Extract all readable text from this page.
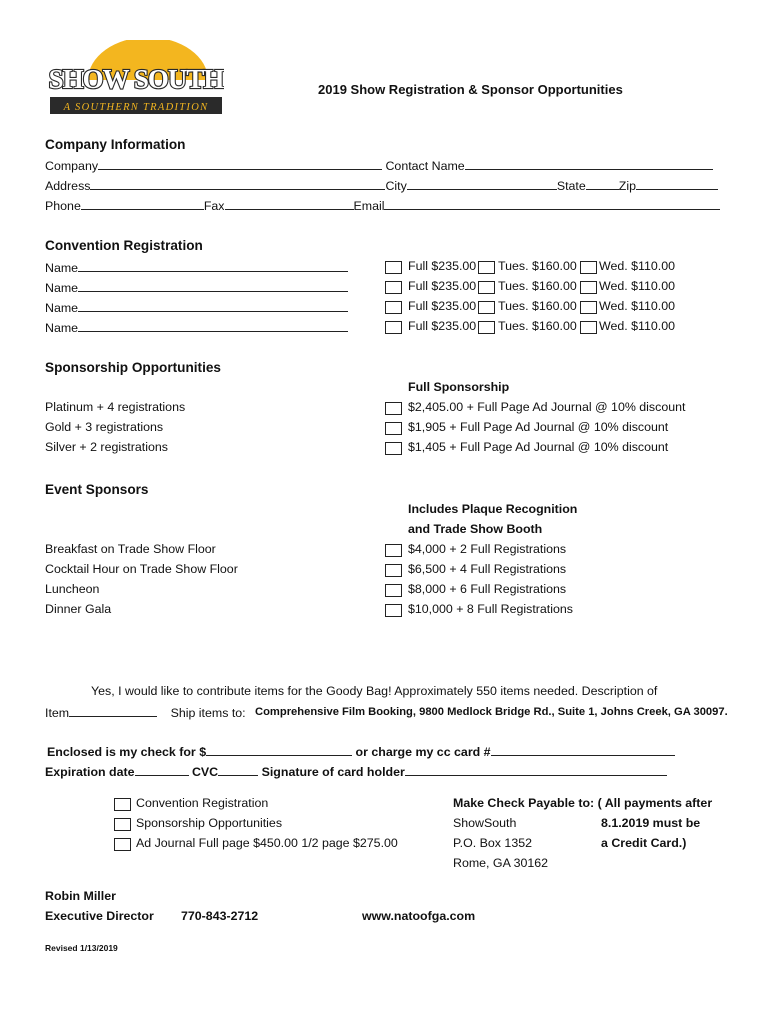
SHOW SOUTH
A SOUTHERN TRADITION
2019 Show Registration & Sponsor Opportunities
Company Information
Company	Contact Name
Address	City	State	Zip
Phone	Fax	Email
Convention Registration
Name	Full $235.00 Tues. $160.00 Wed. $110.00
Name	Full $235.00 Tues. $160.00 Wed. $110.00
Name	Full $235.00 Tues. $160.00 Wed. $110.00
Name	Full $235.00 Tues. $160.00 Wed. $110.00
Sponsorship Opportunities
Full Sponsorship
Platinum + 4 registrations	$2,405.00 + Full Page Ad Journal @ 10% discount
Gold + 3 registrations	$1,905 + Full Page Ad Journal @ 10% discount
Silver + 2 registrations	$1,405 + Full Page Ad Journal @ 10% discount
Event Sponsors
Includes Plaque Recognition
and Trade Show Booth
Breakfast on Trade Show Floor	$4,000 + 2 Full Registrations
Cocktail Hour on Trade Show Floor	$6,500 + 4 Full Registrations
Luncheon	$8,000 + 6 Full Registrations
Dinner Gala	$10,000 + 8 Full Registrations
Yes, I would like to contribute items for the Goody Bag! Approximately 550 items needed. Description of
Item	Ship items to: Comprehensive Film Booking, 9800 Medlock Bridge Rd., Suite 1, Johns Creek, GA 30097.
Enclosed is my check for $	or charge my cc card #
Expiration date	CVC	Signature of card holder
Convention Registration
Sponsorship Opportunities
Ad Journal Full page $450.00 1/2 page $275.00
Make Check Payable to: ( All payments after
ShowSouth	8.1.2019 must be
P.O. Box 1352	a Credit Card.)
Rome, GA 30162
Robin Miller
Executive Director 770-843-2712	www.natoofga.com
Revised 1/13/2019
